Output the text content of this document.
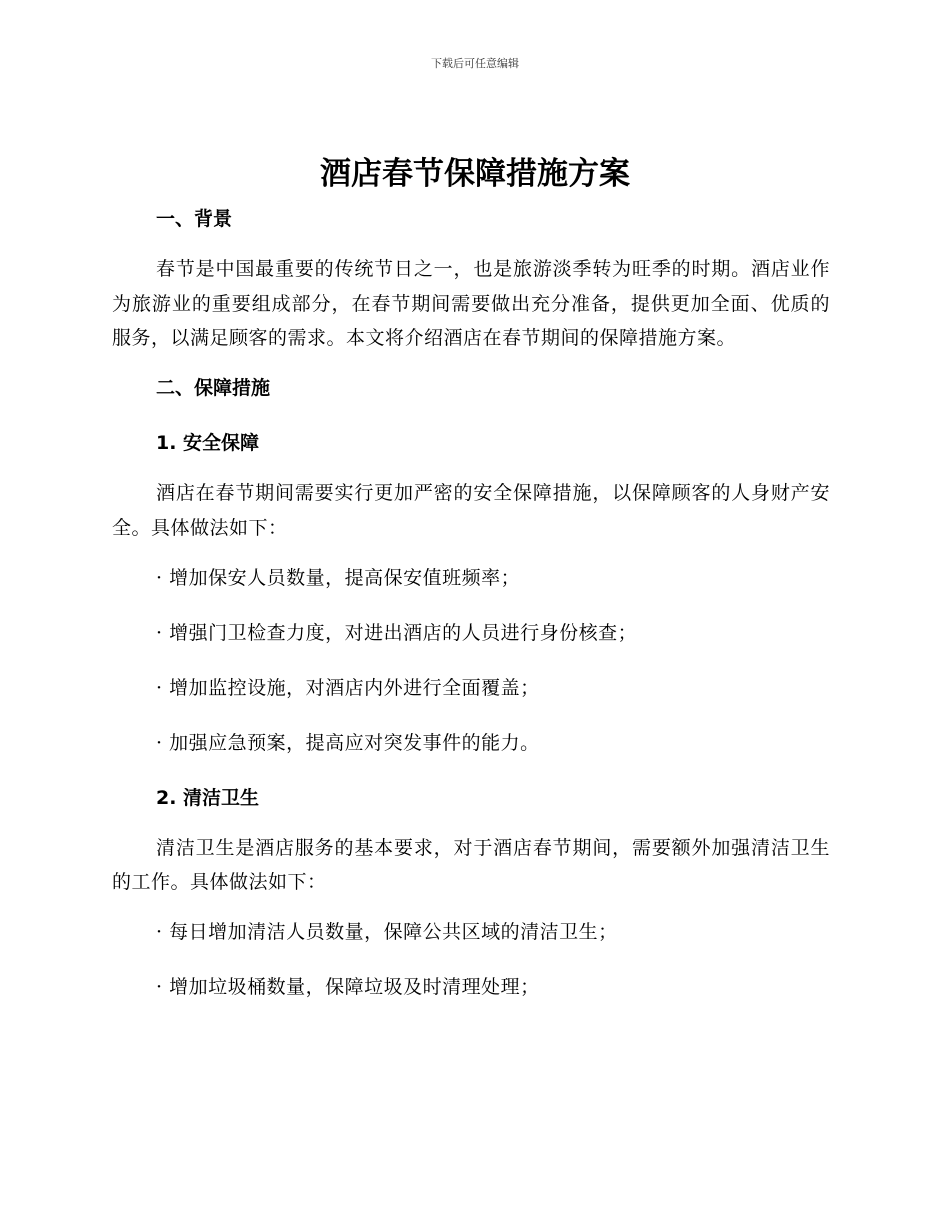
下载后可任意编辑
酒店春节保障措施方案
一、背景

春节是中国最重要的传统节日之一，也是旅游淡季转为旺季的时期。酒店业作为旅游业的重要组成部分，在春节期间需要做出充分准备，提供更加全面、优质的服务，以满足顾客的需求。本文将介绍酒店在春节期间的保障措施方案。

二、保障措施
1. 安全保障

酒店在春节期间需要实行更加严密的安全保障措施，以保障顾客的人身财产安全。具体做法如下：

· 增加保安人员数量，提高保安值班频率；

· 增强门卫检查力度，对进出酒店的人员进行身份核查；

· 增加监控设施，对酒店内外进行全面覆盖；

· 加强应急预案，提高应对突发事件的能力。

2. 清洁卫生

清洁卫生是酒店服务的基本要求，对于酒店春节期间，需要额外加强清洁卫生的工作。具体做法如下：

· 每日增加清洁人员数量，保障公共区域的清洁卫生；

· 增加垃圾桶数量，保障垃圾及时清理处理；
